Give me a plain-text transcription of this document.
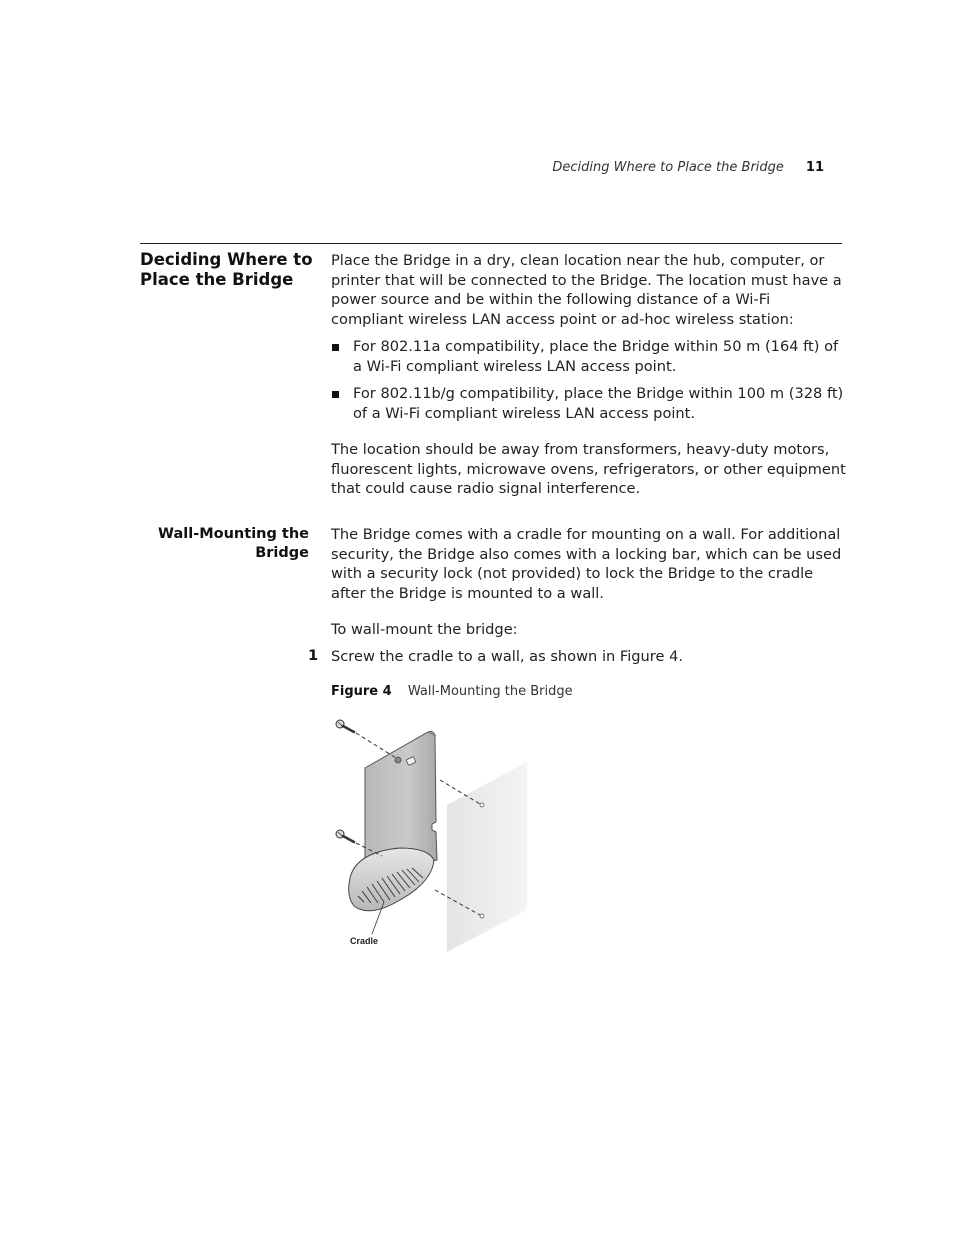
Deciding Where to Place the Bridge 11
Deciding Where to Place the Bridge
Place the Bridge in a dry, clean location near the hub, computer, or printer that will be connected to the Bridge. The location must have a power source and be within the following distance of a Wi-Fi compliant wireless LAN access point or ad-hoc wireless station:
For 802.11a compatibility, place the Bridge within 50 m (164 ft) of a Wi-Fi compliant wireless LAN access point.
For 802.11b/g compatibility, place the Bridge within 100 m (328 ft) of a Wi-Fi compliant wireless LAN access point.
The location should be away from transformers, heavy-duty motors, fluorescent lights, microwave ovens, refrigerators, or other equipment that could cause radio signal interference.
Wall-Mounting the Bridge
The Bridge comes with a cradle for mounting on a wall. For additional security, the Bridge also comes with a locking bar, which can be used with a security lock (not provided) to lock the Bridge to the cradle after the Bridge is mounted to a wall.
To wall-mount the bridge:
1 Screw the cradle to a wall, as shown in Figure 4.
Figure 4 Wall-Mounting the Bridge
Cradle
